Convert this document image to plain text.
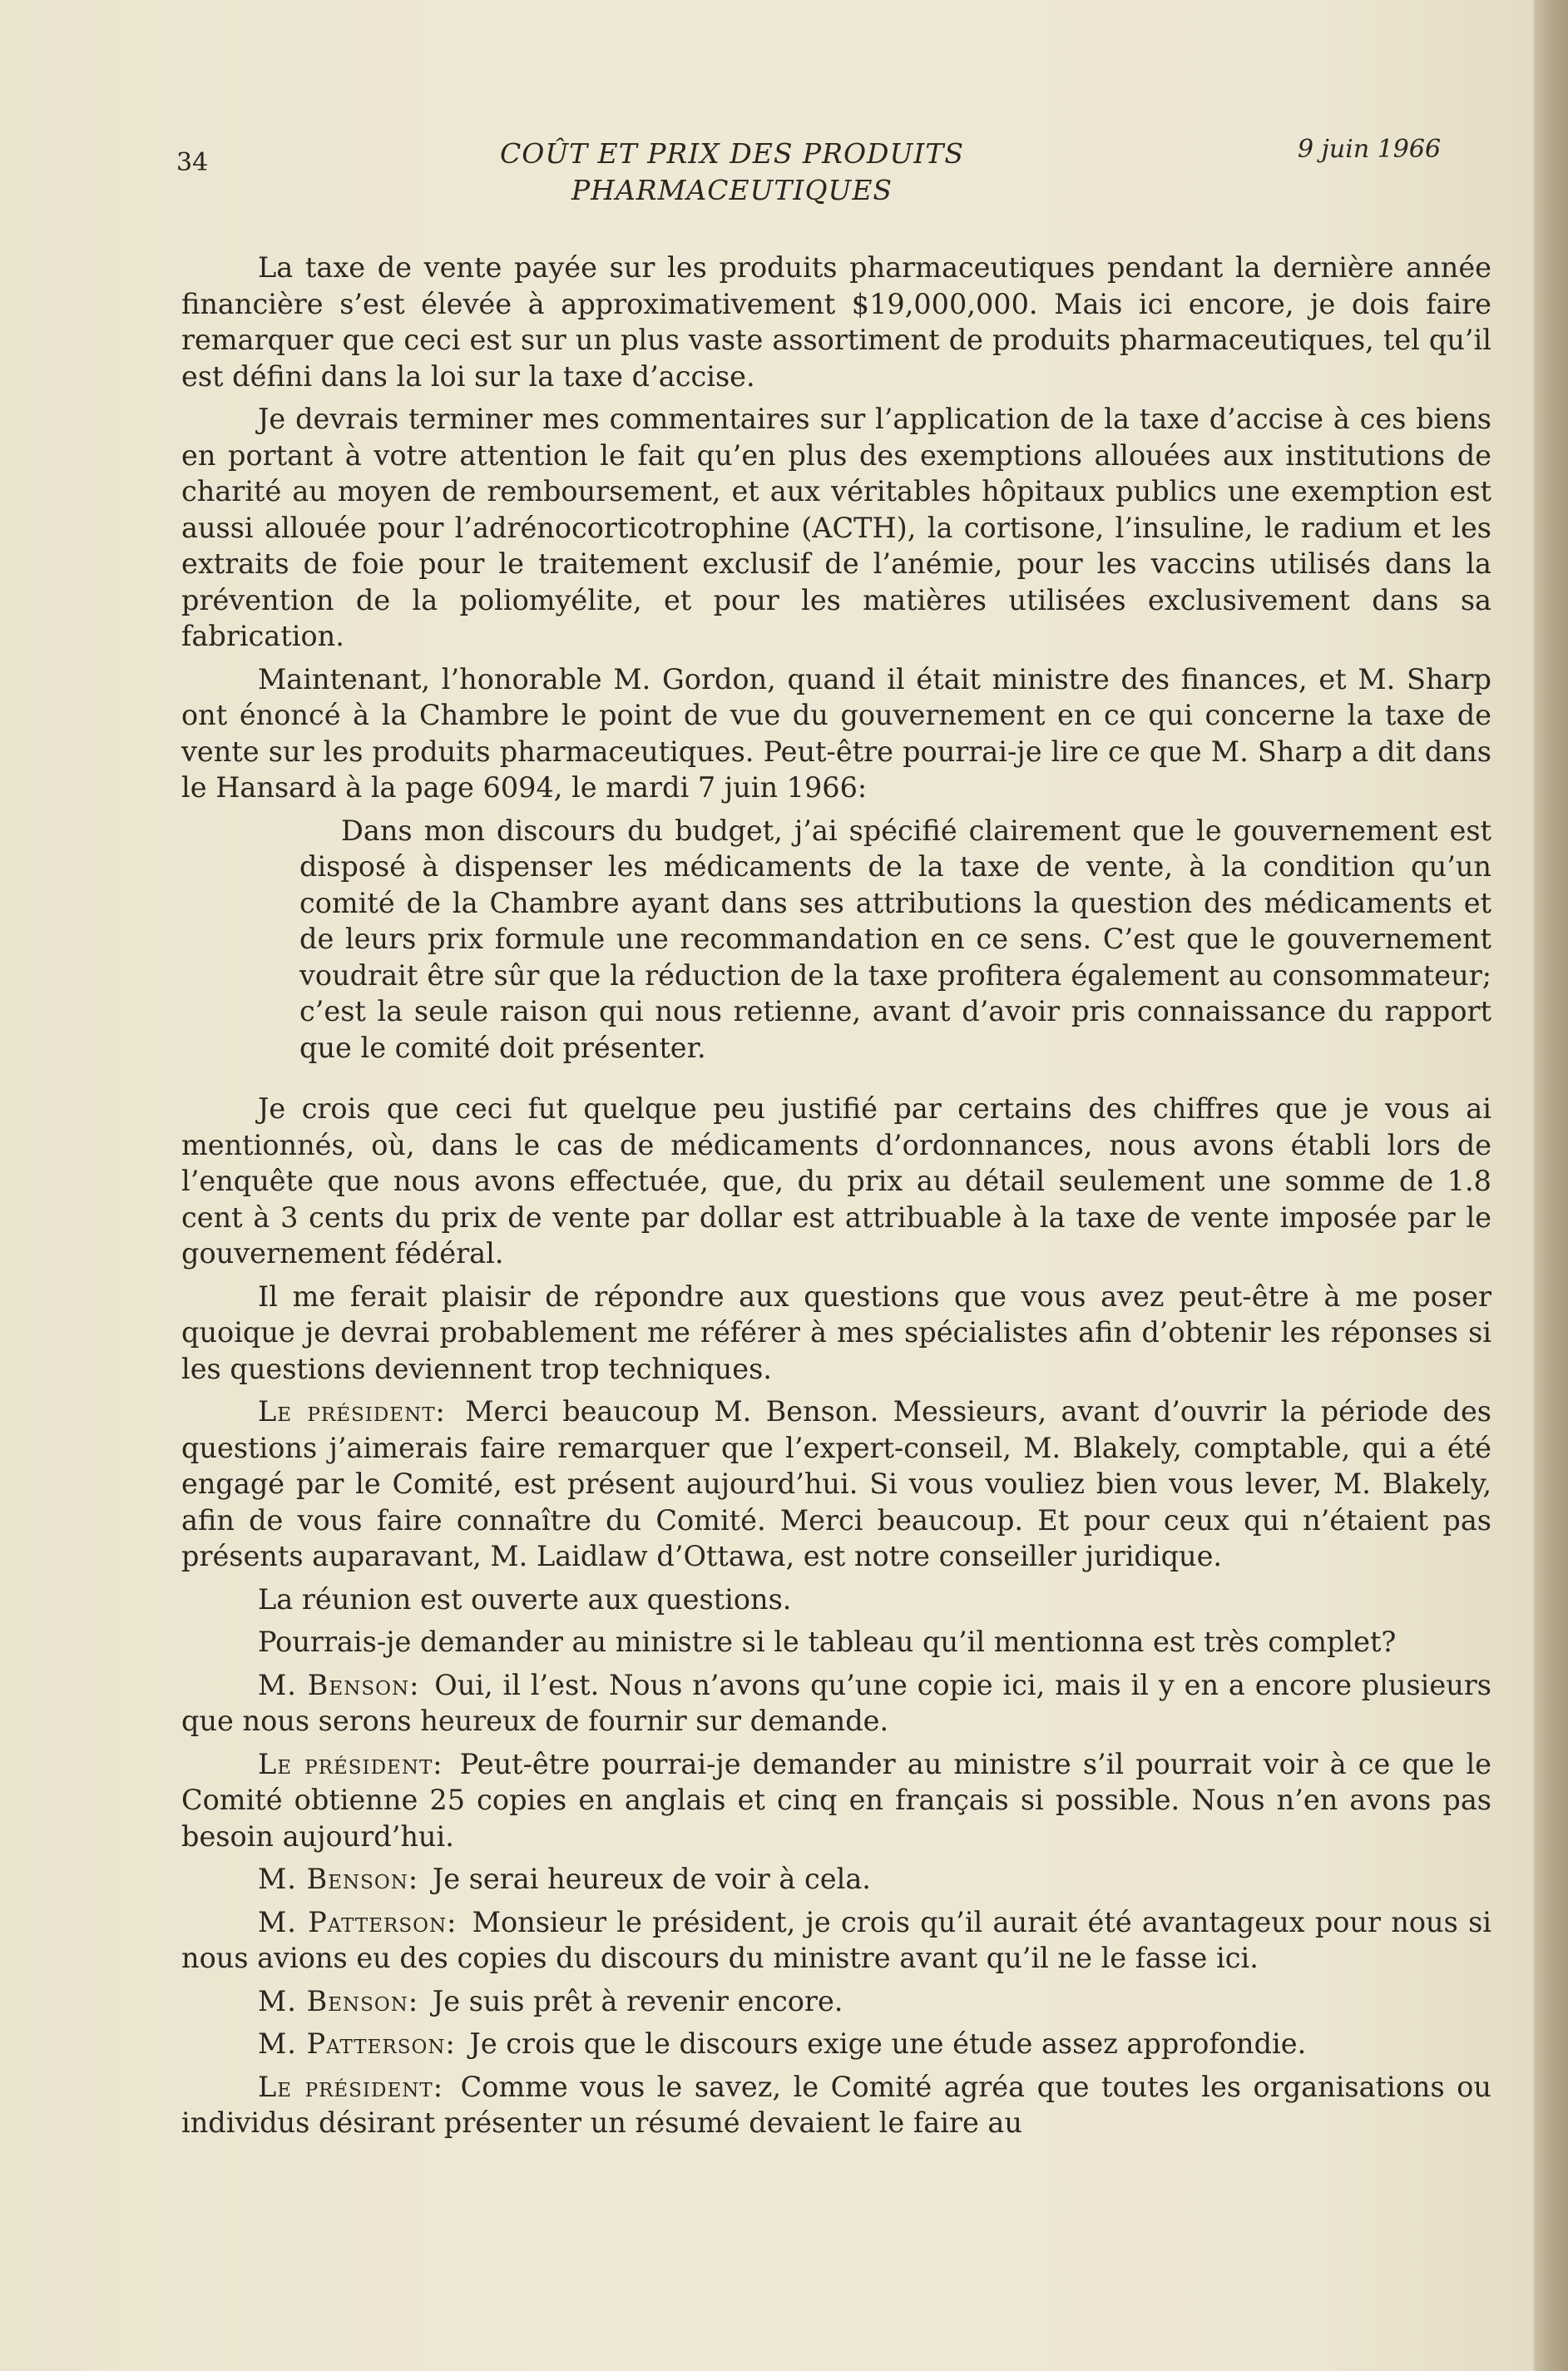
34	COÛT ET PRIX DES PRODUITS
PHARMACEUTIQUES
9 juin 1966

La taxe de vente payée sur les produits pharmaceutiques pendant la dernière année financière s’est élevée à approximativement $19,000,000. Mais ici encore, je dois faire remarquer que ceci est sur un plus vaste assortiment de produits pharmaceutiques, tel qu’il est défini dans la loi sur la taxe d’accise.

Je devrais terminer mes commentaires sur l’application de la taxe d’accise à ces biens en portant à votre attention le fait qu’en plus des exemptions allouées aux institutions de charité au moyen de remboursement, et aux véritables hôpitaux publics une exemption est aussi allouée pour l’adrénocorticotrophine (ACTH), la cortisone, l’insuline, le radium et les extraits de foie pour le traitement exclusif de l’anémie, pour les vaccins utilisés dans la prévention de la poliomyélite, et pour les matières utilisées exclusivement dans sa fabrication.

Maintenant, l’honorable M. Gordon, quand il était ministre des finances, et M. Sharp ont énoncé à la Chambre le point de vue du gouvernement en ce qui concerne la taxe de vente sur les produits pharmaceutiques. Peut-être pourrai-je lire ce que M. Sharp a dit dans le Hansard à la page 6094, le mardi 7 juin 1966:

Dans mon discours du budget, j’ai spécifié clairement que le gouvernement est disposé à dispenser les médicaments de la taxe de vente, à la condition qu’un comité de la Chambre ayant dans ses attributions la question des médicaments et de leurs prix formule une recommandation en ce sens. C’est que le gouvernement voudrait être sûr que la réduction de la taxe profitera également au consommateur; c’est la seule raison qui nous retienne, avant d’avoir pris connaissance du rapport que le comité doit présenter.

Je crois que ceci fut quelque peu justifié par certains des chiffres que je vous ai mentionnés, où, dans le cas de médicaments d’ordonnances, nous avons établi lors de l’enquête que nous avons effectuée, que, du prix au détail seulement une somme de 1.8 cent à 3 cents du prix de vente par dollar est attribuable à la taxe de vente imposée par le gouvernement fédéral.

Il me ferait plaisir de répondre aux questions que vous avez peut-être à me poser quoique je devrai probablement me référer à mes spécialistes afin d’obtenir les réponses si les questions deviennent trop techniques.

Le président: Merci beaucoup M. Benson. Messieurs, avant d’ouvrir la période des questions j’aimerais faire remarquer que l’expert-conseil, M. Blakely, comptable, qui a été engagé par le Comité, est présent aujourd’hui. Si vous vouliez bien vous lever, M. Blakely, afin de vous faire connaître du Comité. Merci beaucoup. Et pour ceux qui n’étaient pas présents auparavant, M. Laidlaw d’Ottawa, est notre conseiller juridique.

La réunion est ouverte aux questions.

Pourrais-je demander au ministre si le tableau qu’il mentionna est très complet?

M. Benson: Oui, il l’est. Nous n’avons qu’une copie ici, mais il y en a encore plusieurs que nous serons heureux de fournir sur demande.

Le président: Peut-être pourrai-je demander au ministre s’il pourrait voir à ce que le Comité obtienne 25 copies en anglais et cinq en français si possible. Nous n’en avons pas besoin aujourd’hui.

M. Benson: Je serai heureux de voir à cela.

M. Patterson: Monsieur le président, je crois qu’il aurait été avantageux pour nous si nous avions eu des copies du discours du ministre avant qu’il ne le fasse ici.

M. Benson: Je suis prêt à revenir encore.

M. Patterson: Je crois que le discours exige une étude assez approfondie.

Le président: Comme vous le savez, le Comité agréa que toutes les organisations ou individus désirant présenter un résumé devaient le faire au
